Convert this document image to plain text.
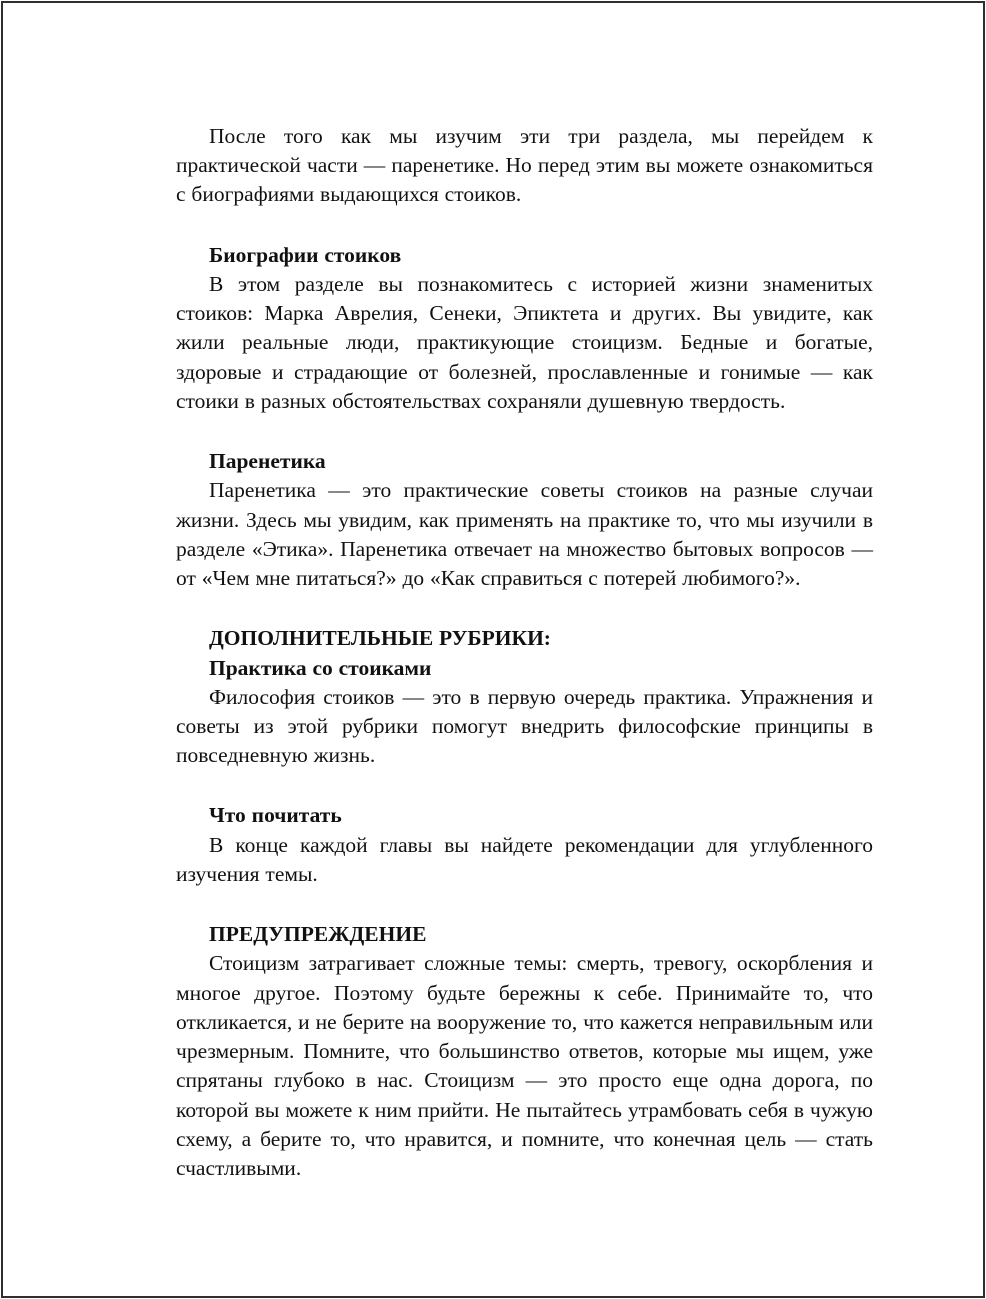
После того как мы изучим эти три раздела, мы перейдем к практической части — паренетике. Но перед этим вы можете ознакомиться с биографиями выдающихся стоиков.

Биографии стоиков

В этом разделе вы познакомитесь с историей жизни знаменитых стоиков: Марка Аврелия, Сенеки, Эпиктета и других. Вы увидите, как жили реальные люди, практикующие стоицизм. Бедные и богатые, здоровые и страдающие от болезней, прославленные и гонимые — как стоики в разных обстоятельствах сохраняли душевную твердость.

Паренетика

Паренетика — это практические советы стоиков на разные случаи жизни. Здесь мы увидим, как применять на практике то, что мы изучили в разделе «Этика». Паренетика отвечает на множество бытовых вопросов — от «Чем мне питаться?» до «Как справиться с потерей любимого?».

ДОПОЛНИТЕЛЬНЫЕ РУБРИКИ:
Практика со стоиками

Философия стоиков — это в первую очередь практика. Упражнения и советы из этой рубрики помогут внедрить философские принципы в повседневную жизнь.

Что почитать

В конце каждой главы вы найдете рекомендации для углубленного изучения темы.

ПРЕДУПРЕЖДЕНИЕ

Стоицизм затрагивает сложные темы: смерть, тревогу, оскорбления и многое другое. Поэтому будьте бережны к себе. Принимайте то, что откликается, и не берите на вооружение то, что кажется неправильным или чрезмерным. Помните, что большинство ответов, которые мы ищем, уже спрятаны глубоко в нас. Стоицизм — это просто еще одна дорога, по которой вы можете к ним прийти. Не пытайтесь утрамбовать себя в чужую схему, а берите то, что нравится, и помните, что конечная цель — стать счастливыми.
